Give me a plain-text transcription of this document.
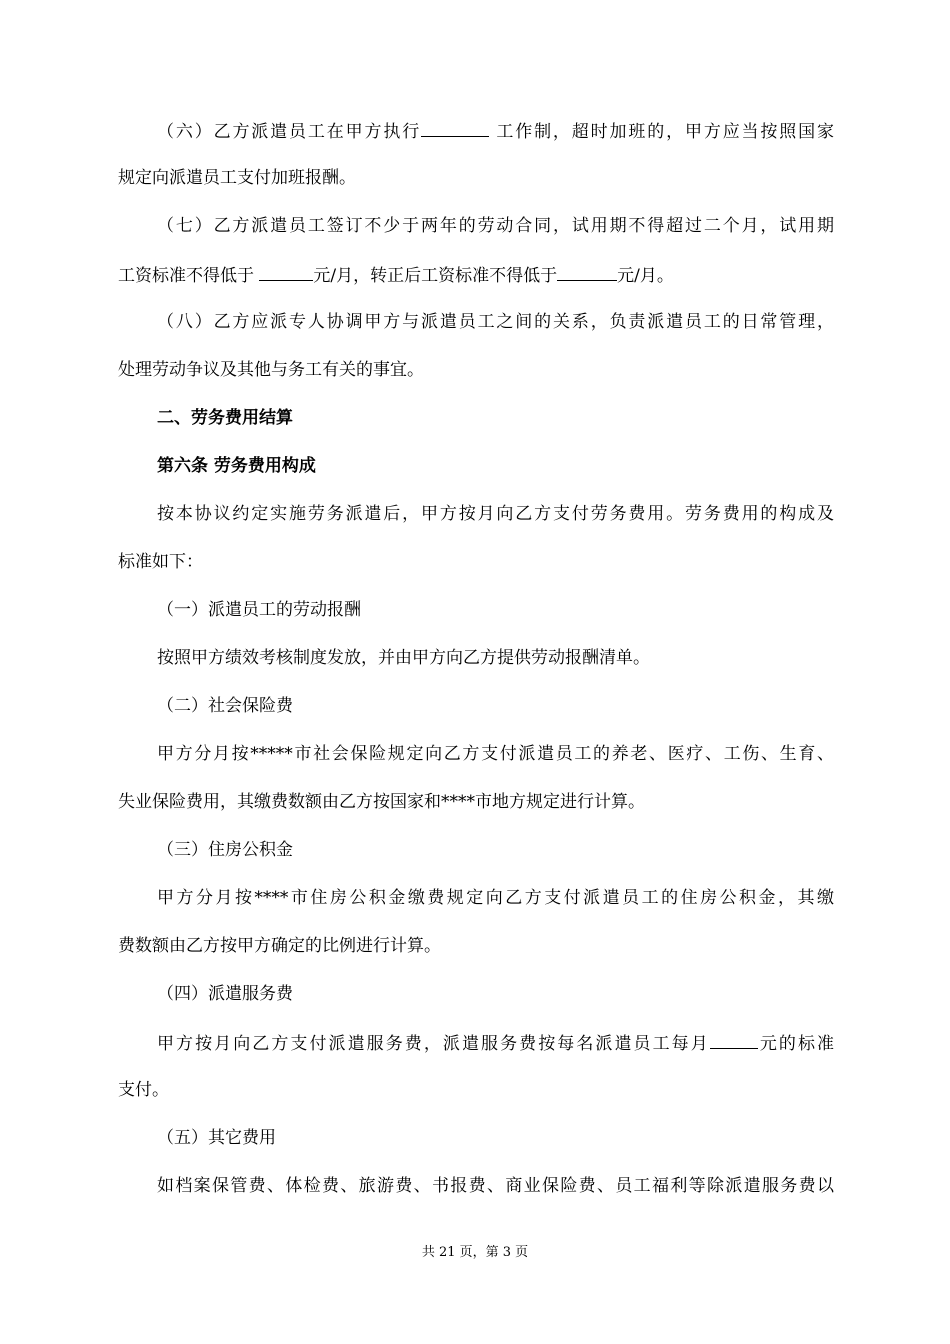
（六）乙方派遣员工在甲方执行	工作制，超时加班的，甲方应当按照国家
规定向派遣员工支付加班报酬。
（七）乙方派遣员工签订不少于两年的劳动合同，试用期不得超过二个月，试用期
工资标准不得低于	元/月，转正后工资标准不得低于	元/月。
（八）乙方应派专人协调甲方与派遣员工之间的关系，负责派遣员工的日常管理，
处理劳动争议及其他与务工有关的事宜。
二、劳务费用结算
第六条 劳务费用构成
按本协议约定实施劳务派遣后，甲方按月向乙方支付劳务费用。劳务费用的构成及
标准如下：
（一）派遣员工的劳动报酬
按照甲方绩效考核制度发放，并由甲方向乙方提供劳动报酬清单。
（二）社会保险费
甲方分月按*****市社会保险规定向乙方支付派遣员工的养老、医疗、工伤、生育、
失业保险费用，其缴费数额由乙方按国家和****市地方规定进行计算。
（三）住房公积金
甲方分月按****市住房公积金缴费规定向乙方支付派遣员工的住房公积金，其缴
费数额由乙方按甲方确定的比例进行计算。
（四）派遣服务费
甲方按月向乙方支付派遣服务费，派遣服务费按每名派遣员工每月	元的标准
支付。
（五）其它费用
如档案保管费、体检费、旅游费、书报费、商业保险费、员工福利等除派遣服务费以
共 21 页，第 3 页
